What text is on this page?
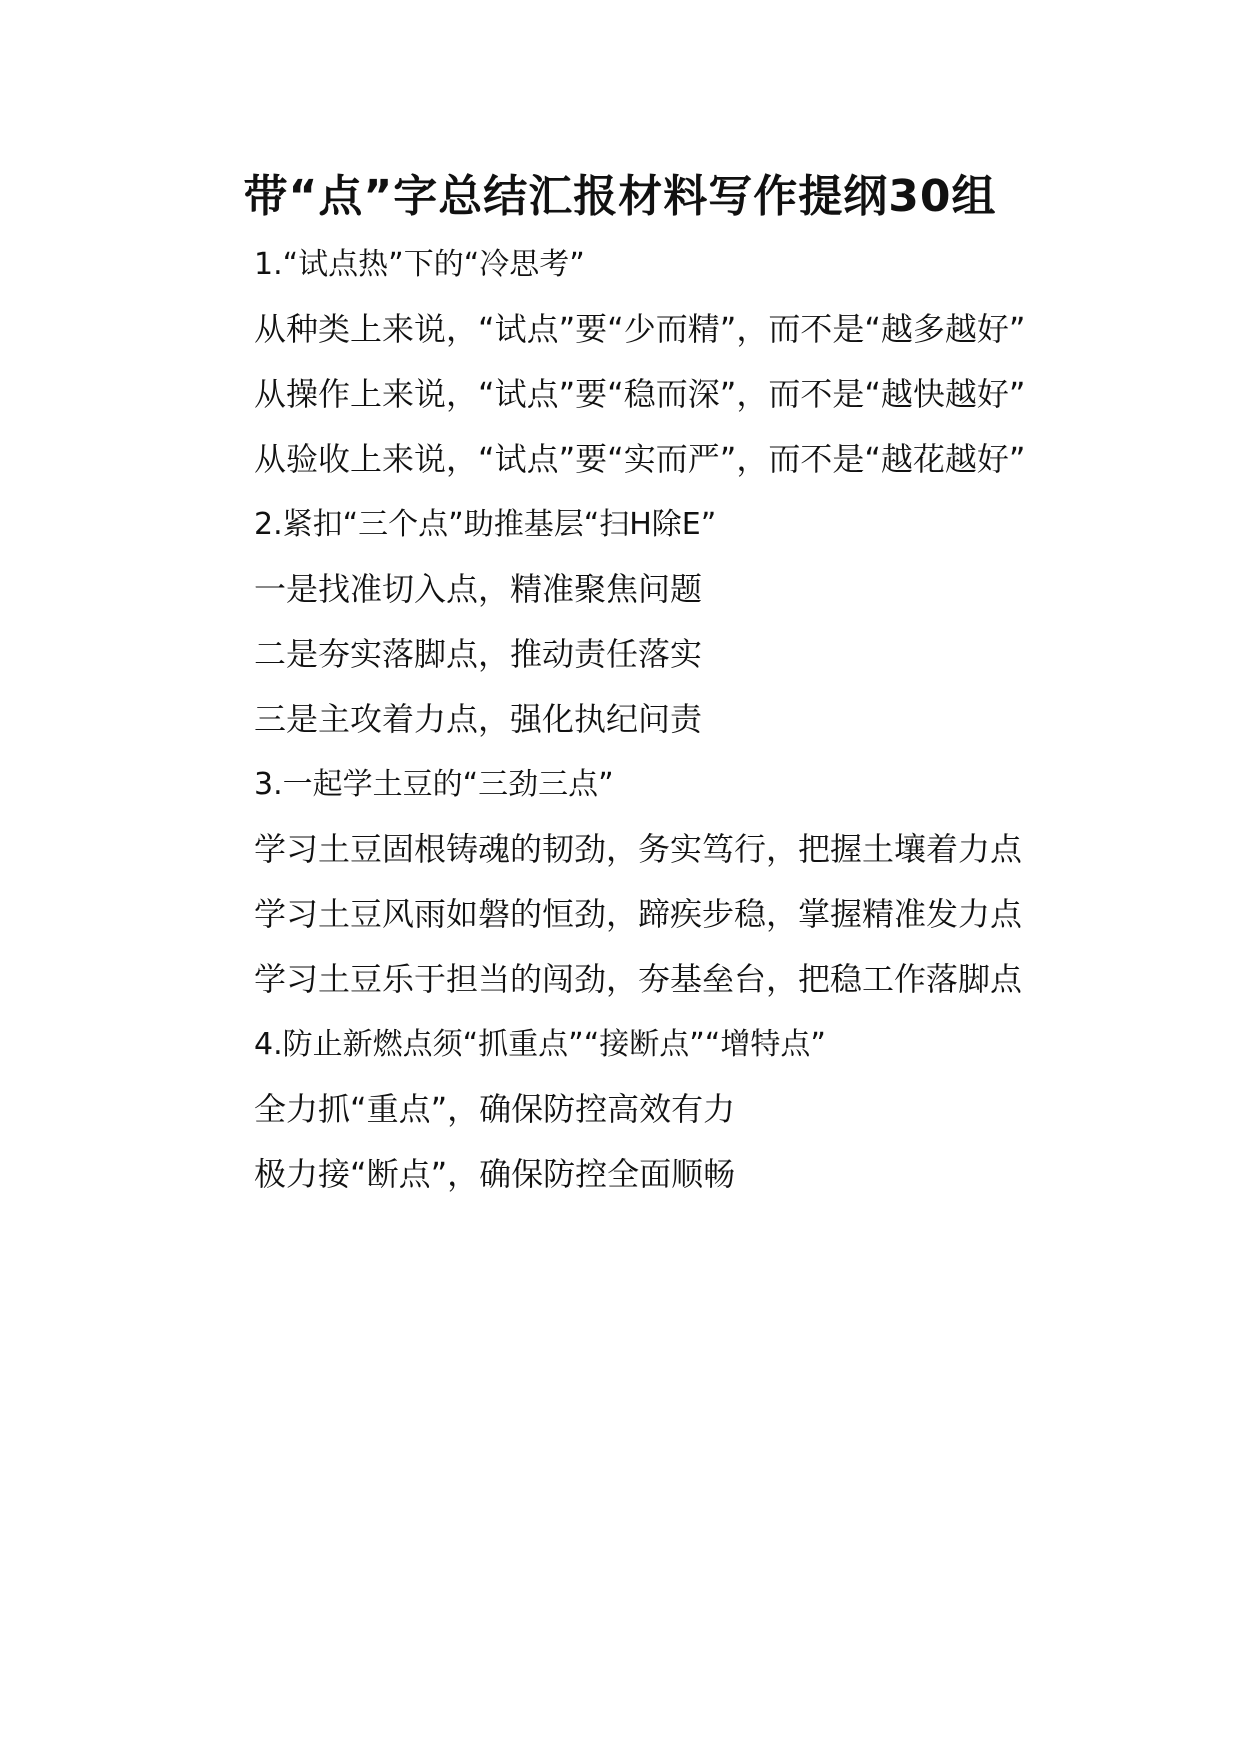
带“点”字总结汇报材料写作提纲30组

1.“试点热”下的“冷思考”

从种类上来说，“试点”要“少而精”，而不是“越多越好”

从操作上来说，“试点”要“稳而深”，而不是“越快越好”

从验收上来说，“试点”要“实而严”，而不是“越花越好”

2.紧扣“三个点”助推基层“扫H除E”

一是找准切入点，精准聚焦问题

二是夯实落脚点，推动责任落实

三是主攻着力点，强化执纪问责

3.一起学土豆的“三劲三点”

学习土豆固根铸魂的韧劲，务实笃行，把握土壤着力点

学习土豆风雨如磐的恒劲，蹄疾步稳，掌握精准发力点

学习土豆乐于担当的闯劲，夯基垒台，把稳工作落脚点

4.防止新燃点须“抓重点”“接断点”“增特点”

全力抓“重点”，确保防控高效有力

极力接“断点”，确保防控全面顺畅
